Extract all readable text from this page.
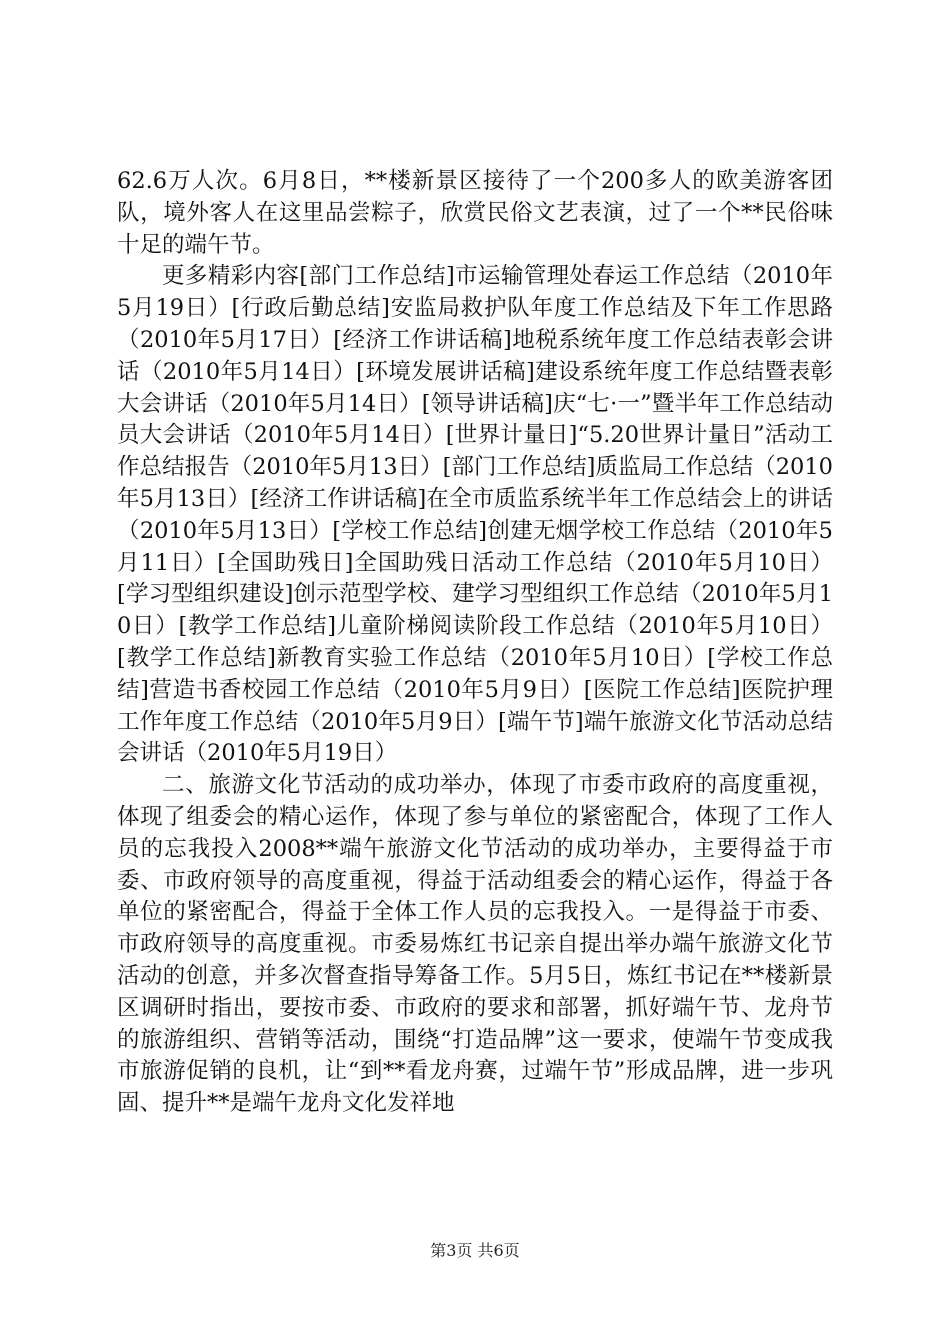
62.6万人次。6月8日，**楼新景区接待了一个200多人的欧美游客团队，境外客人在这里品尝粽子，欣赏民俗文艺表演，过了一个**民俗味十足的端午节。

更多精彩内容[部门工作总结]市运输管理处春运工作总结（2010年5月19日）[行政后勤总结]安监局救护队年度工作总结及下年工作思路（2010年5月17日）[经济工作讲话稿]地税系统年度工作总结表彰会讲话（2010年5月14日）[环境发展讲话稿]建设系统年度工作总结暨表彰大会讲话（2010年5月14日）[领导讲话稿]庆“七·一”暨半年工作总结动员大会讲话（2010年5月14日）[世界计量日]“5.20世界计量日”活动工作总结报告（2010年5月13日）[部门工作总结]质监局工作总结（2010年5月13日）[经济工作讲话稿]在全市质监系统半年工作总结会上的讲话（2010年5月13日）[学校工作总结]创建无烟学校工作总结（2010年5月11日）[全国助残日]全国助残日活动工作总结（2010年5月10日）[学习型组织建设]创示范型学校、建学习型组织工作总结（2010年5月10日）[教学工作总结]儿童阶梯阅读阶段工作总结（2010年5月10日）[教学工作总结]新教育实验工作总结（2010年5月10日）[学校工作总结]营造书香校园工作总结（2010年5月9日）[医院工作总结]医院护理工作年度工作总结（2010年5月9日）[端午节]端午旅游文化节活动总结会讲话（2010年5月19日）

二、旅游文化节活动的成功举办，体现了市委市政府的高度重视，体现了组委会的精心运作，体现了参与单位的紧密配合，体现了工作人员的忘我投入2008**端午旅游文化节活动的成功举办，主要得益于市委、市政府领导的高度重视，得益于活动组委会的精心运作，得益于各单位的紧密配合，得益于全体工作人员的忘我投入。一是得益于市委、市政府领导的高度重视。市委易炼红书记亲自提出举办端午旅游文化节活动的创意，并多次督查指导筹备工作。5月5日，炼红书记在**楼新景区调研时指出，要按市委、市政府的要求和部署，抓好端午节、龙舟节的旅游组织、营销等活动，围绕“打造品牌”这一要求，使端午节变成我市旅游促销的良机，让“到**看龙舟赛，过端午节”形成品牌，进一步巩固、提升**是端午龙舟文化发祥地

第3页 共6页
